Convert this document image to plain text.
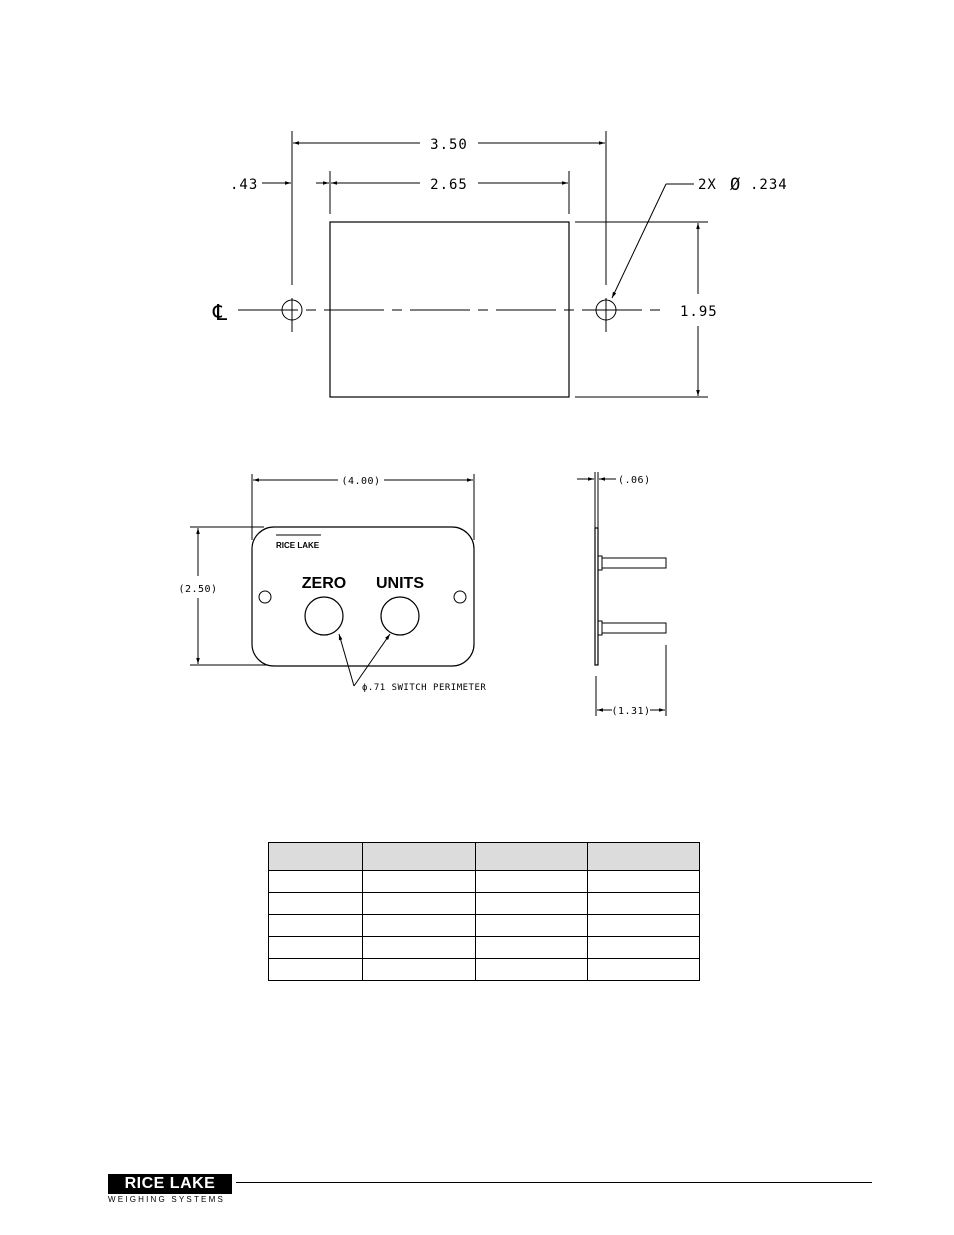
3.50
.43	2.65	2X Ø .234
℄	1.95
(4.00)
(2.50)
RICE LAKE
ZERO UNITS
ϕ.71 SWITCH PERIMETER
(.06)
(1.31)

RICE LAKE
WEIGHING SYSTEMS
